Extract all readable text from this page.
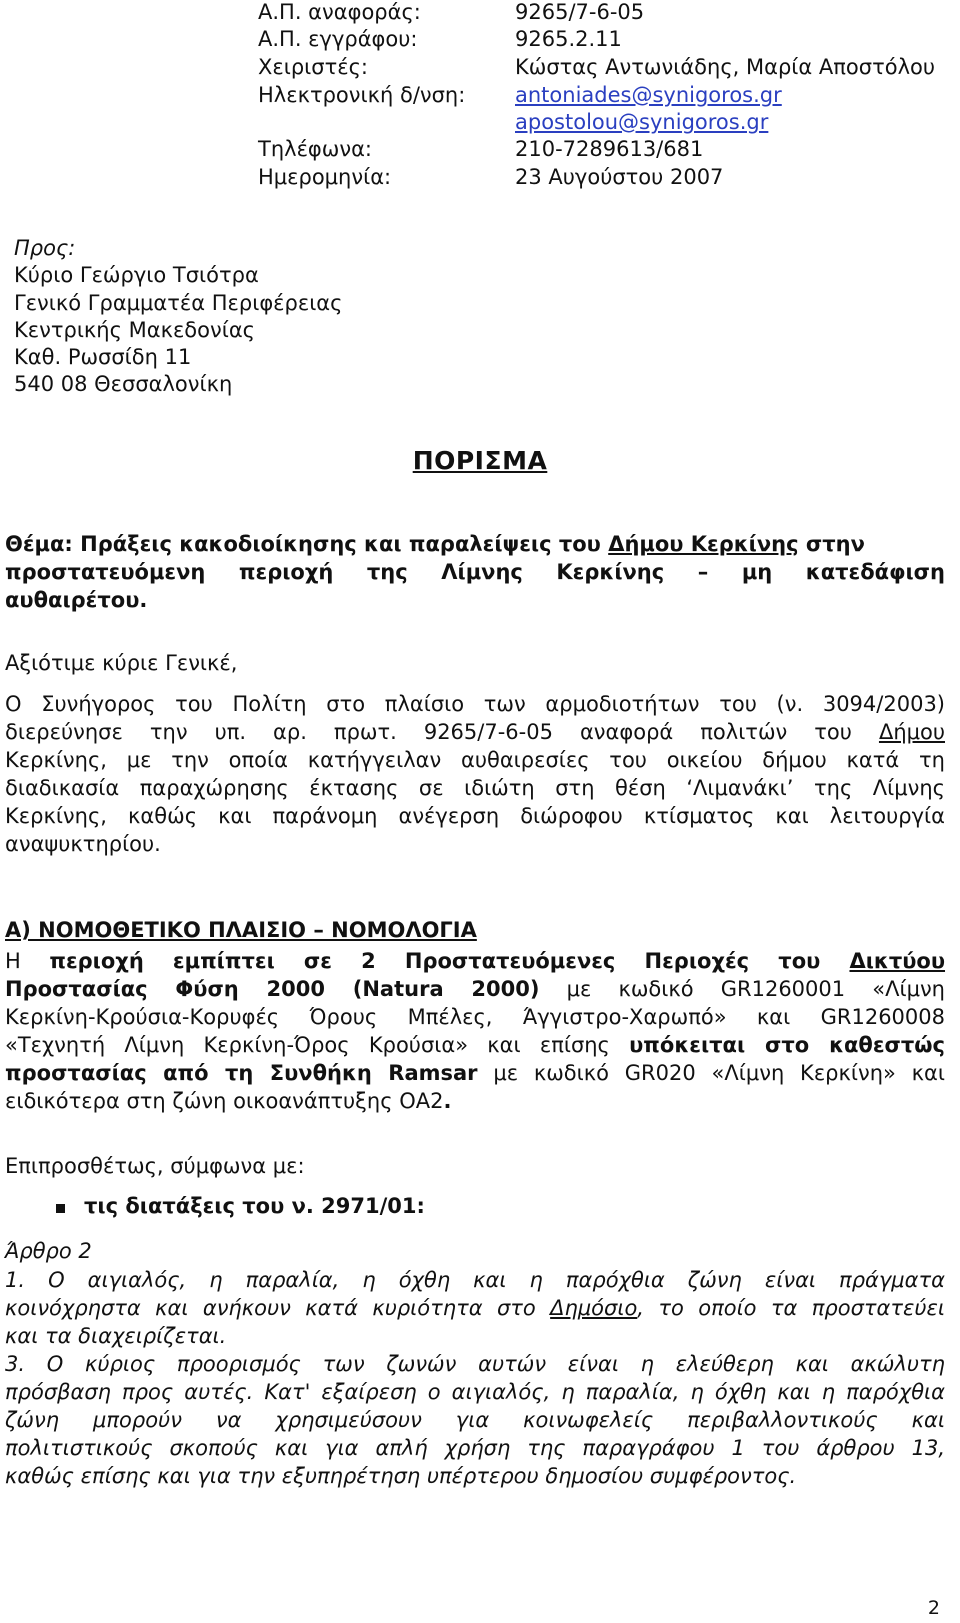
Α.Π. αναφοράς:	9265/7-6-05
Α.Π. εγγράφου:	9265.2.11
Χειριστές:	Κώστας Αντωνιάδης, Μαρία Αποστόλου
Ηλεκτρονική δ/νση: antoniades@synigoros.gr
apostolou@synigoros.gr
Τηλέφωνα:	210-7289613/681
Ημερομηνία:	23 Αυγούστου 2007
Προς:
Κύριο Γεώργιο Τσιότρα
Γενικό Γραμματέα Περιφέρειας
Κεντρικής Μακεδονίας
Καθ. Ρωσσίδη 11
540 08 Θεσσαλονίκη
ΠΟΡΙΣΜΑ
Θέμα: Πράξεις κακοδιοίκησης και παραλείψεις του Δήμου Κερκίνης στην
προστατευόμενη περιοχή της Λίμνης Κερκίνης – μη κατεδάφιση
αυθαιρέτου.
Αξιότιμε κύριε Γενικέ,
Ο Συνήγορος του Πολίτη στο πλαίσιο των αρμοδιοτήτων του (ν. 3094/2003)
διερεύνησε την υπ. αρ. πρωτ. 9265/7-6-05 αναφορά πολιτών του Δήμου
Κερκίνης, με την οποία κατήγγειλαν αυθαιρεσίες του οικείου δήμου κατά τη
διαδικασία παραχώρησης έκτασης σε ιδιώτη στη θέση ‘Λιμανάκι’ της Λίμνης
Κερκίνης, καθώς και παράνομη ανέγερση διώροφου κτίσματος και λειτουργία
αναψυκτηρίου.
Α) ΝΟΜΟΘΕΤΙΚΟ ΠΛΑΙΣΙΟ – ΝΟΜΟΛΟΓΙΑ
Η περιοχή εμπίπτει σε 2 Προστατευόμενες Περιοχές του Δικτύου
Προστασίας Φύση 2000 (Natura 2000) με κωδικό GR1260001 «Λίμνη
Κερκίνη-Κρούσια-Κορυφές Όρους Μπέλες, Άγγιστρο-Χαρωπό» και GR1260008
«Τεχνητή Λίμνη Κερκίνη-Όρος Κρούσια» και επίσης υπόκειται στο καθεστώς
προστασίας από τη Συνθήκη Ramsar με κωδικό GR020 «Λίμνη Κερκίνη» και
ειδικότερα στη ζώνη οικοανάπτυξης ΟΑ2.
Επιπροσθέτως, σύμφωνα με:
τις διατάξεις του ν. 2971/01:
Άρθρο 2
1. Ο αιγιαλός, η παραλία, η όχθη και η παρόχθια ζώνη είναι πράγματα
κοινόχρηστα και ανήκουν κατά κυριότητα στο Δημόσιο, το οποίο τα προστατεύει
και τα διαχειρίζεται.
3. Ο κύριος προορισμός των ζωνών αυτών είναι η ελεύθερη και ακώλυτη
πρόσβαση προς αυτές. Κατ' εξαίρεση ο αιγιαλός, η παραλία, η όχθη και η παρόχθια
ζώνη μπορούν να χρησιμεύσουν για κοινωφελείς περιβαλλοντικούς και
πολιτιστικούς σκοπούς και για απλή χρήση της παραγράφου 1 του άρθρου 13,
καθώς επίσης και για την εξυπηρέτηση υπέρτερου δημοσίου συμφέροντος.
2
